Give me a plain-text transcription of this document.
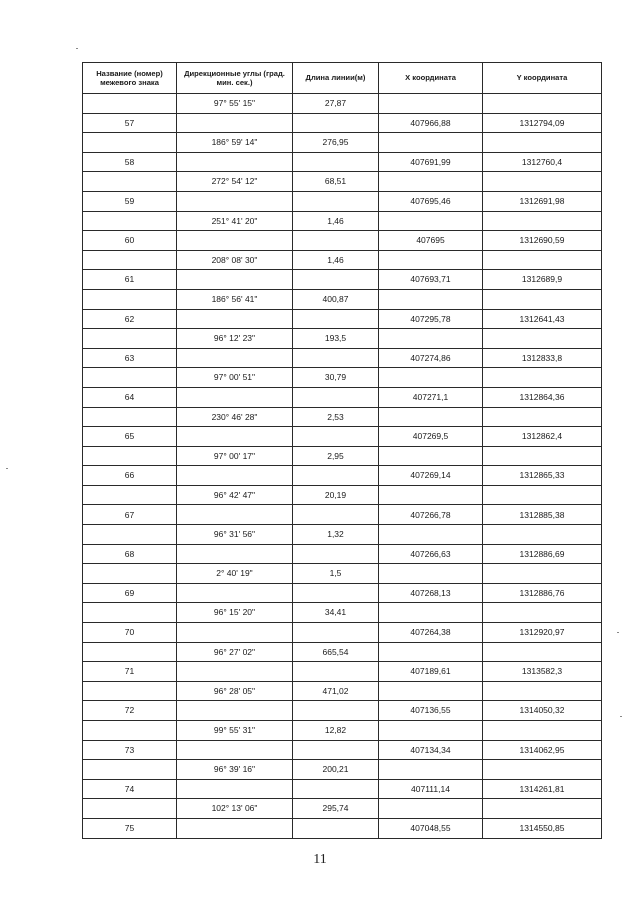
Название (номер) межевого знака	Дирекционные углы (град. мин. сек.)	Длина линии(м)	X координата	Y координата
	97° 55' 15"	27,87		
57			407966,88	1312794,09
	186° 59' 14"	276,95		
58			407691,99	1312760,4
	272° 54' 12"	68,51		
59			407695,46	1312691,98
	251° 41' 20"	1,46		
60			407695	1312690,59
	208° 08' 30"	1,46		
61			407693,71	1312689,9
	186° 56' 41"	400,87		
62			407295,78	1312641,43
	96° 12' 23"	193,5		
63			407274,86	1312833,8
	97° 00' 51"	30,79		
64			407271,1	1312864,36
	230° 46' 28"	2,53		
65			407269,5	1312862,4
	97° 00' 17"	2,95		
66			407269,14	1312865,33
	96° 42' 47"	20,19		
67			407266,78	1312885,38
	96° 31' 56"	1,32		
68			407266,63	1312886,69
	2° 40' 19"	1,5		
69			407268,13	1312886,76
	96° 15' 20"	34,41		
70			407264,38	1312920,97
	96° 27' 02"	665,54		
71			407189,61	1313582,3
	96° 28' 05"	471,02		
72			407136,55	1314050,32
	99° 55' 31"	12,82		
73			407134,34	1314062,95
	96° 39' 16"	200,21		
74			407111,14	1314261,81
	102° 13' 06"	295,74		
75			407048,55	1314550,85
11
